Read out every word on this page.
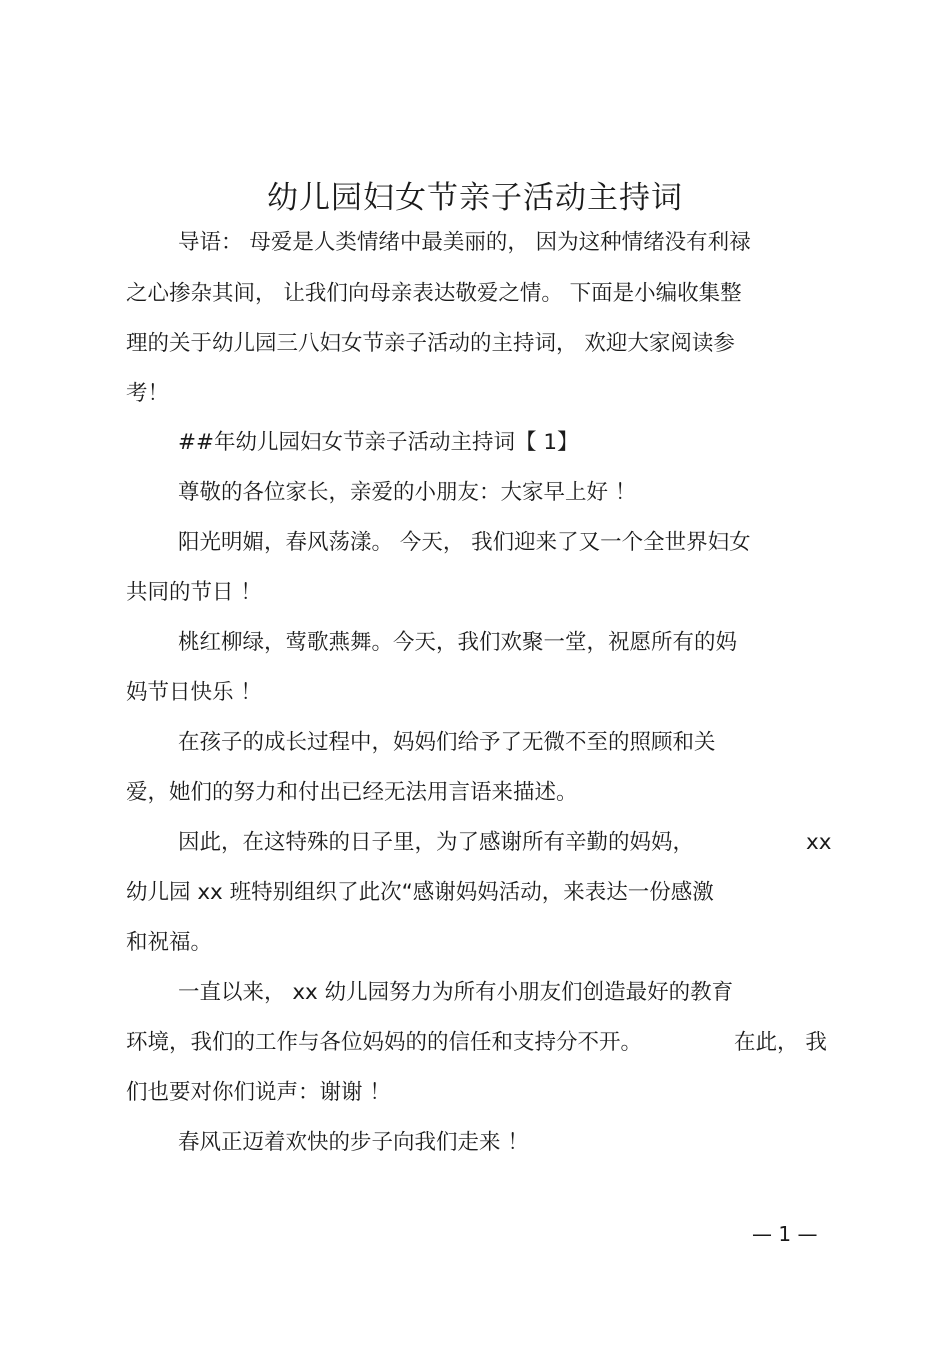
幼儿园妇女节亲子活动主持词
导语： 母爱是人类情绪中最美丽的， 因为这种情绪没有利禄
之心掺杂其间， 让我们向母亲表达敬爱之情。 下面是小编收集整
理的关于幼儿园三八妇女节亲子活动的主持词， 欢迎大家阅读参
考！
##年幼儿园妇女节亲子活动主持词【 1】
尊敬的各位家长，亲爱的小朋友：大家早上好 ！
阳光明媚，春风荡漾。 今天， 我们迎来了又一个全世界妇女
共同的节日 ！
桃红柳绿，莺歌燕舞。今天，我们欢聚一堂，祝愿所有的妈
妈节日快乐 ！
在孩子的成长过程中，妈妈们给予了无微不至的照顾和关
爱，她们的努力和付出已经无法用言语来描述。
因此，在这特殊的日子里，为了感谢所有辛勤的妈妈，	xx
幼儿园 xx 班特别组织了此次“感谢妈妈活动，来表达一份感激
和祝福。
一直以来， xx 幼儿园努力为所有小朋友们创造最好的教育
环境，我们的工作与各位妈妈的的信任和支持分不开。	在此， 我
们也要对你们说声：谢谢 ！
春风正迈着欢快的步子向我们走来 ！
— 1 —
